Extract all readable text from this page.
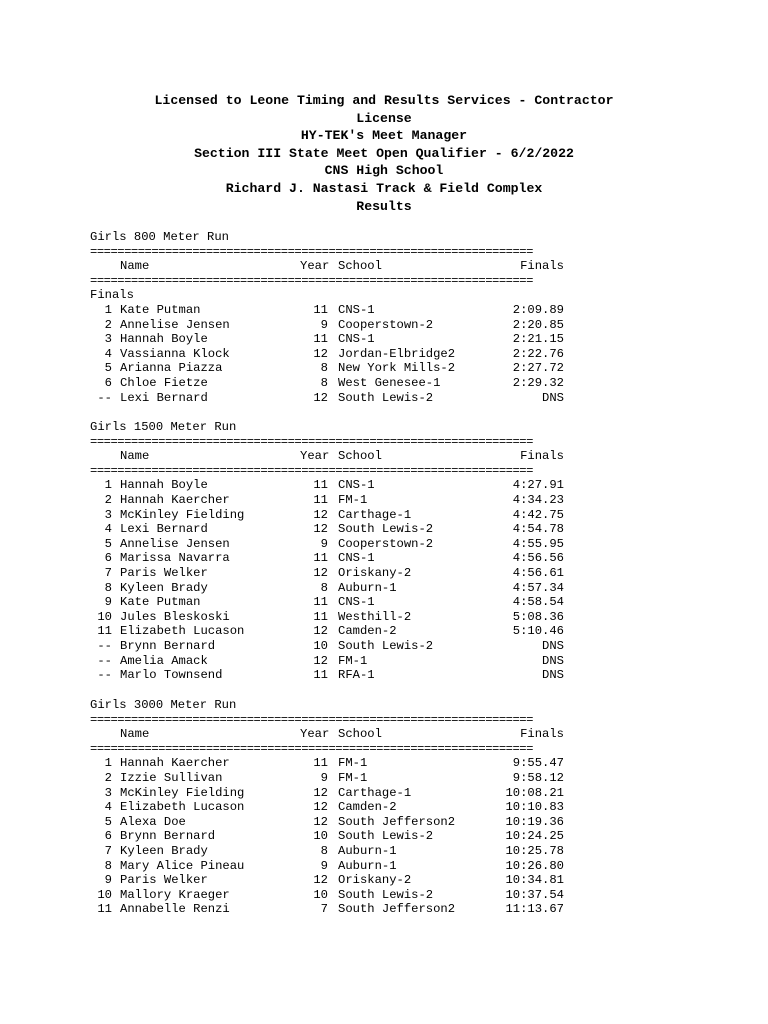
Licensed to Leone Timing and Results Services - Contractor
License
HY-TEK's Meet Manager
Section III State Meet Open Qualifier - 6/2/2022
CNS High School
Richard J. Nastasi Track & Field Complex
Results
Girls 800 Meter Run
=================================================================
Name	Year School	Finals
=================================================================
Finals
1 Kate Putman	11 CNS-1	2:09.89
2 Annelise Jensen	9 Cooperstown-2	2:20.85
3 Hannah Boyle	11 CNS-1	2:21.15
4 Vassianna Klock	12 Jordan-Elbridge2	2:22.76
5 Arianna Piazza	8 New York Mills-2	2:27.72
6 Chloe Fietze	8 West Genesee-1	2:29.32
-- Lexi Bernard	12 South Lewis-2	DNS
Girls 1500 Meter Run
=================================================================
Name	Year School	Finals
=================================================================
1 Hannah Boyle	11 CNS-1	4:27.91
2 Hannah Kaercher	11 FM-1	4:34.23
3 McKinley Fielding	12 Carthage-1	4:42.75
4 Lexi Bernard	12 South Lewis-2	4:54.78
5 Annelise Jensen	9 Cooperstown-2	4:55.95
6 Marissa Navarra	11 CNS-1	4:56.56
7 Paris Welker	12 Oriskany-2	4:56.61
8 Kyleen Brady	8 Auburn-1	4:57.34
9 Kate Putman	11 CNS-1	4:58.54
10 Jules Bleskoski	11 Westhill-2	5:08.36
11 Elizabeth Lucason	12 Camden-2	5:10.46
-- Brynn Bernard	10 South Lewis-2	DNS
-- Amelia Amack	12 FM-1	DNS
-- Marlo Townsend	11 RFA-1	DNS
Girls 3000 Meter Run
=================================================================
Name	Year School	Finals
=================================================================
1 Hannah Kaercher	11 FM-1	9:55.47
2 Izzie Sullivan	9 FM-1	9:58.12
3 McKinley Fielding	12 Carthage-1	10:08.21
4 Elizabeth Lucason	12 Camden-2	10:10.83
5 Alexa Doe	12 South Jefferson2	10:19.36
6 Brynn Bernard	10 South Lewis-2	10:24.25
7 Kyleen Brady	8 Auburn-1	10:25.78
8 Mary Alice Pineau	9 Auburn-1	10:26.80
9 Paris Welker	12 Oriskany-2	10:34.81
10 Mallory Kraeger	10 South Lewis-2	10:37.54
11 Annabelle Renzi	7 South Jefferson2	11:13.67
